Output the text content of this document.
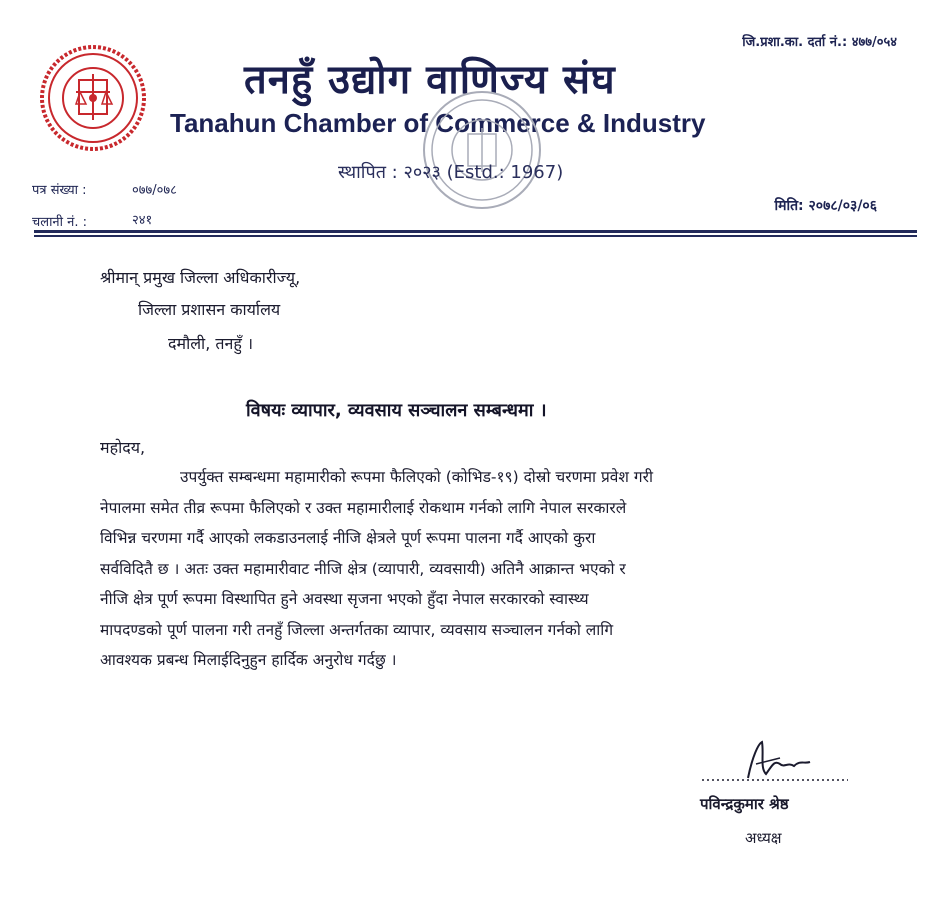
जि.प्रशा.का. दर्ता नं.: ४७७/०५४
तनहुँ उद्योग वाणिज्य संघ
Tanahun Chamber of Commerce & Industry
स्थापित : २०२३ (Estd.: 1967)
पत्र संख्या :	०७७/०७८
चलानी नं. :	२४१
मिति: २०७८/०३/०६
श्रीमान् प्रमुख जिल्ला अधिकारीज्यू,
जिल्ला प्रशासन कार्यालय
दमौली, तनहुँ ।
विषयः व्यापार, व्यवसाय सञ्चालन सम्बन्धमा ।
महोदय,
उपर्युक्त सम्बन्धमा महामारीको रूपमा फैलिएको (कोभिड-१९) दोस्रो चरणमा प्रवेश गरी
नेपालमा समेत तीव्र रूपमा फैलिएको र उक्त महामारीलाई रोकथाम गर्नको लागि नेपाल सरकारले
विभिन्न चरणमा गर्दै आएको लकडाउनलाई नीजि क्षेत्रले पूर्ण रूपमा पालना गर्दै आएको कुरा
सर्वविदितै छ । अतः उक्त महामारीवाट नीजि क्षेत्र (व्यापारी, व्यवसायी) अतिनै आक्रान्त भएको र
नीजि क्षेत्र पूर्ण रूपमा विस्थापित हुने अवस्था सृजना भएको हुँदा नेपाल सरकारको स्वास्थ्य
मापदण्डको पूर्ण पालना गरी तनहुँ जिल्ला अन्तर्गतका व्यापार, व्यवसाय सञ्चालन गर्नको लागि
आवश्यक प्रबन्ध मिलाईदिनुहुन हार्दिक अनुरोध गर्दछु ।
पविन्द्रकुमार श्रेष्ठ
अध्यक्ष
